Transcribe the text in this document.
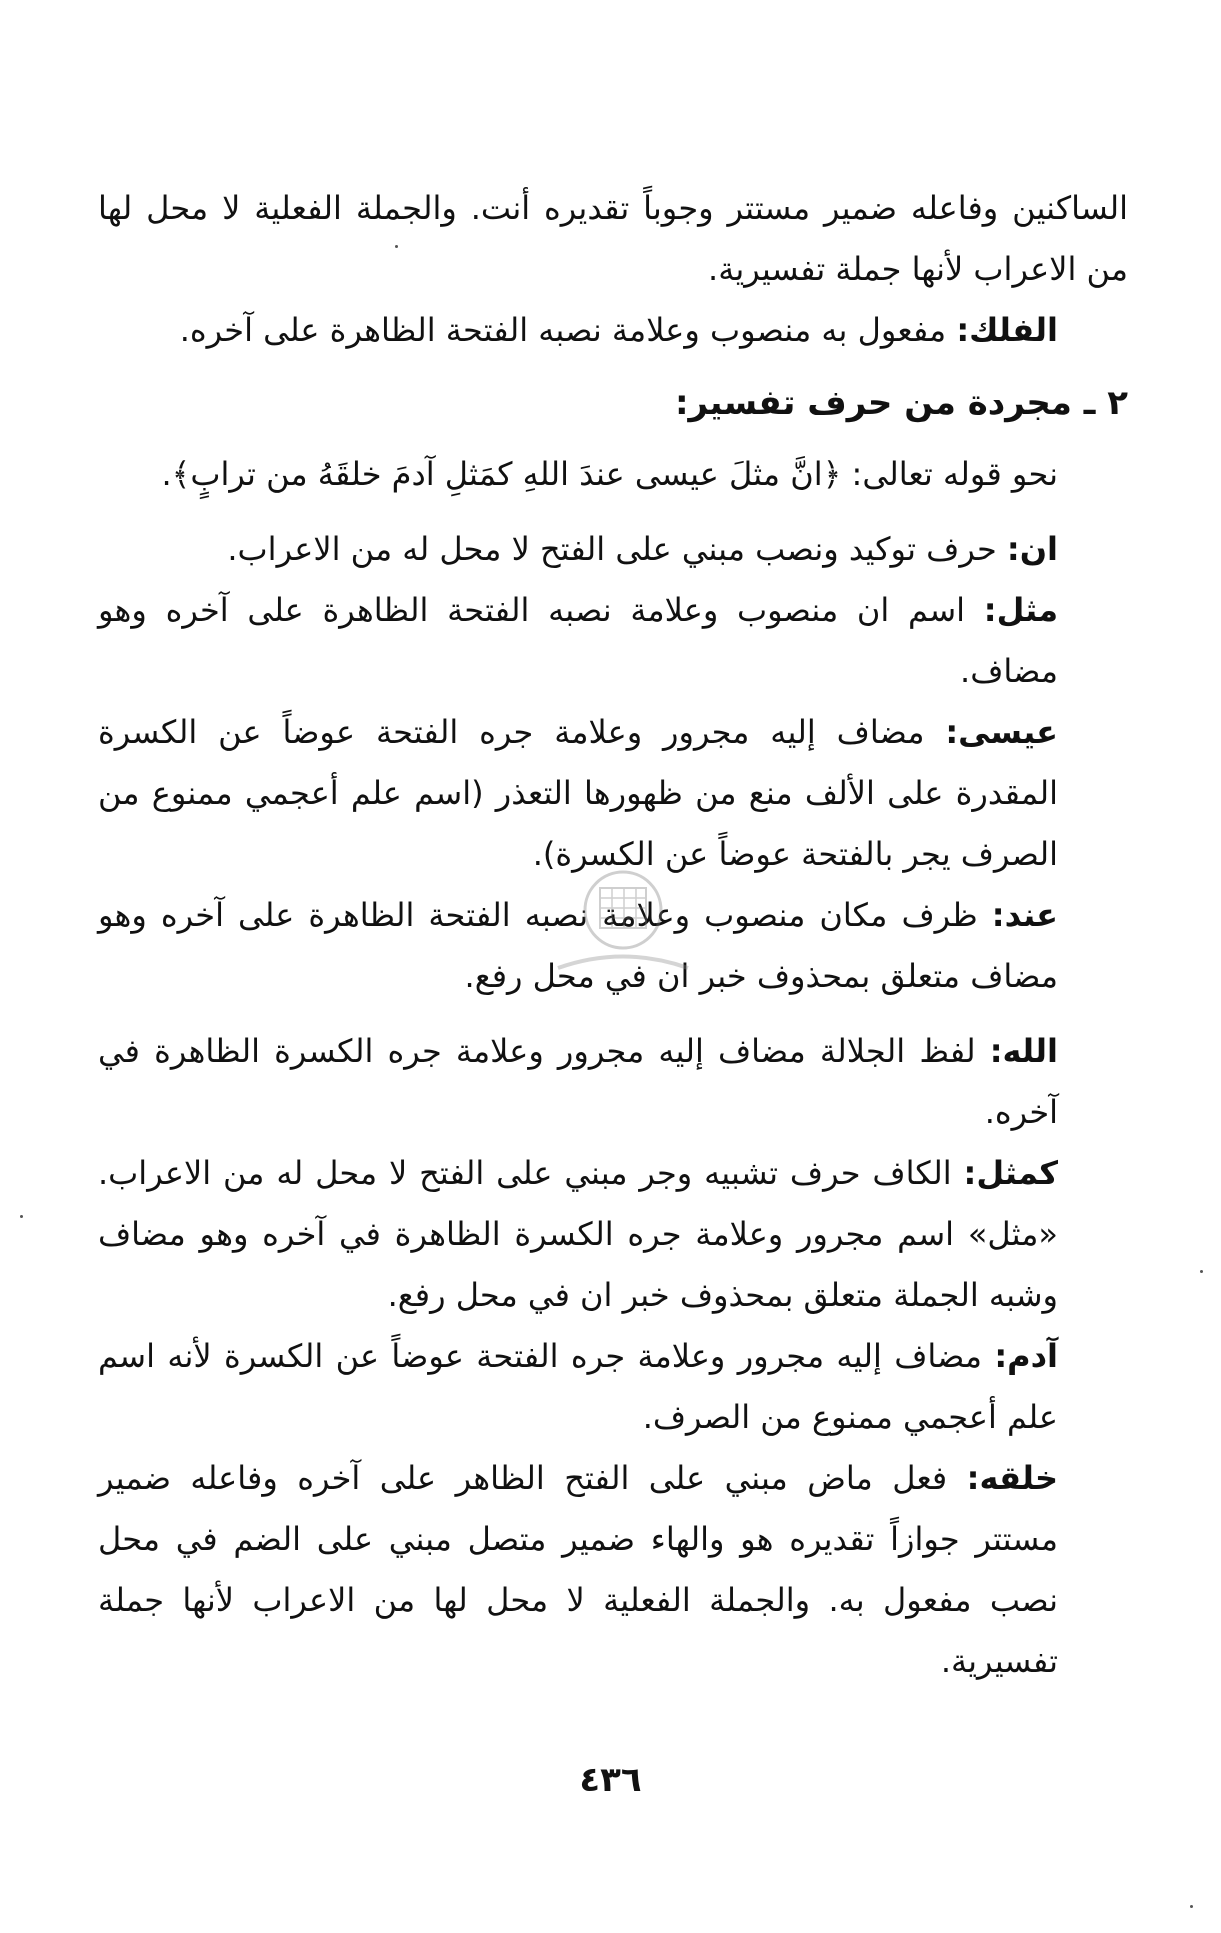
الساكنين وفاعله ضمير مستتر وجوباً تقديره أنت. والجملة الفعلية لا محل لها من الاعراب لأنها جملة تفسيرية.

الفلك: مفعول به منصوب وعلامة نصبه الفتحة الظاهرة على آخره.

٢ ـ مجردة من حرف تفسير:

نحو قوله تعالى: ﴿انَّ مثلَ عيسى عندَ اللهِ كمَثلِ آدمَ خلقَهُ من ترابٍ﴾.

ان: حرف توكيد ونصب مبني على الفتح لا محل له من الاعراب.

مثل: اسم ان منصوب وعلامة نصبه الفتحة الظاهرة على آخره وهو مضاف.

عيسى: مضاف إليه مجرور وعلامة جره الفتحة عوضاً عن الكسرة المقدرة على الألف منع من ظهورها التعذر (اسم علم أعجمي ممنوع من الصرف يجر بالفتحة عوضاً عن الكسرة).

عند: ظرف مكان منصوب وعلامة نصبه الفتحة الظاهرة على آخره وهو مضاف متعلق بمحذوف خبر ان في محل رفع.

الله: لفظ الجلالة مضاف إليه مجرور وعلامة جره الكسرة الظاهرة في آخره.

كمثل: الكاف حرف تشبيه وجر مبني على الفتح لا محل له من الاعراب. «مثل» اسم مجرور وعلامة جره الكسرة الظاهرة في آخره وهو مضاف وشبه الجملة متعلق بمحذوف خبر ان في محل رفع.

آدم: مضاف إليه مجرور وعلامة جره الفتحة عوضاً عن الكسرة لأنه اسم علم أعجمي ممنوع من الصرف.

خلقه: فعل ماض مبني على الفتح الظاهر على آخره وفاعله ضمير مستتر جوازاً تقديره هو والهاء ضمير متصل مبني على الضم في محل نصب مفعول به. والجملة الفعلية لا محل لها من الاعراب لأنها جملة تفسيرية.

٤٣٦
